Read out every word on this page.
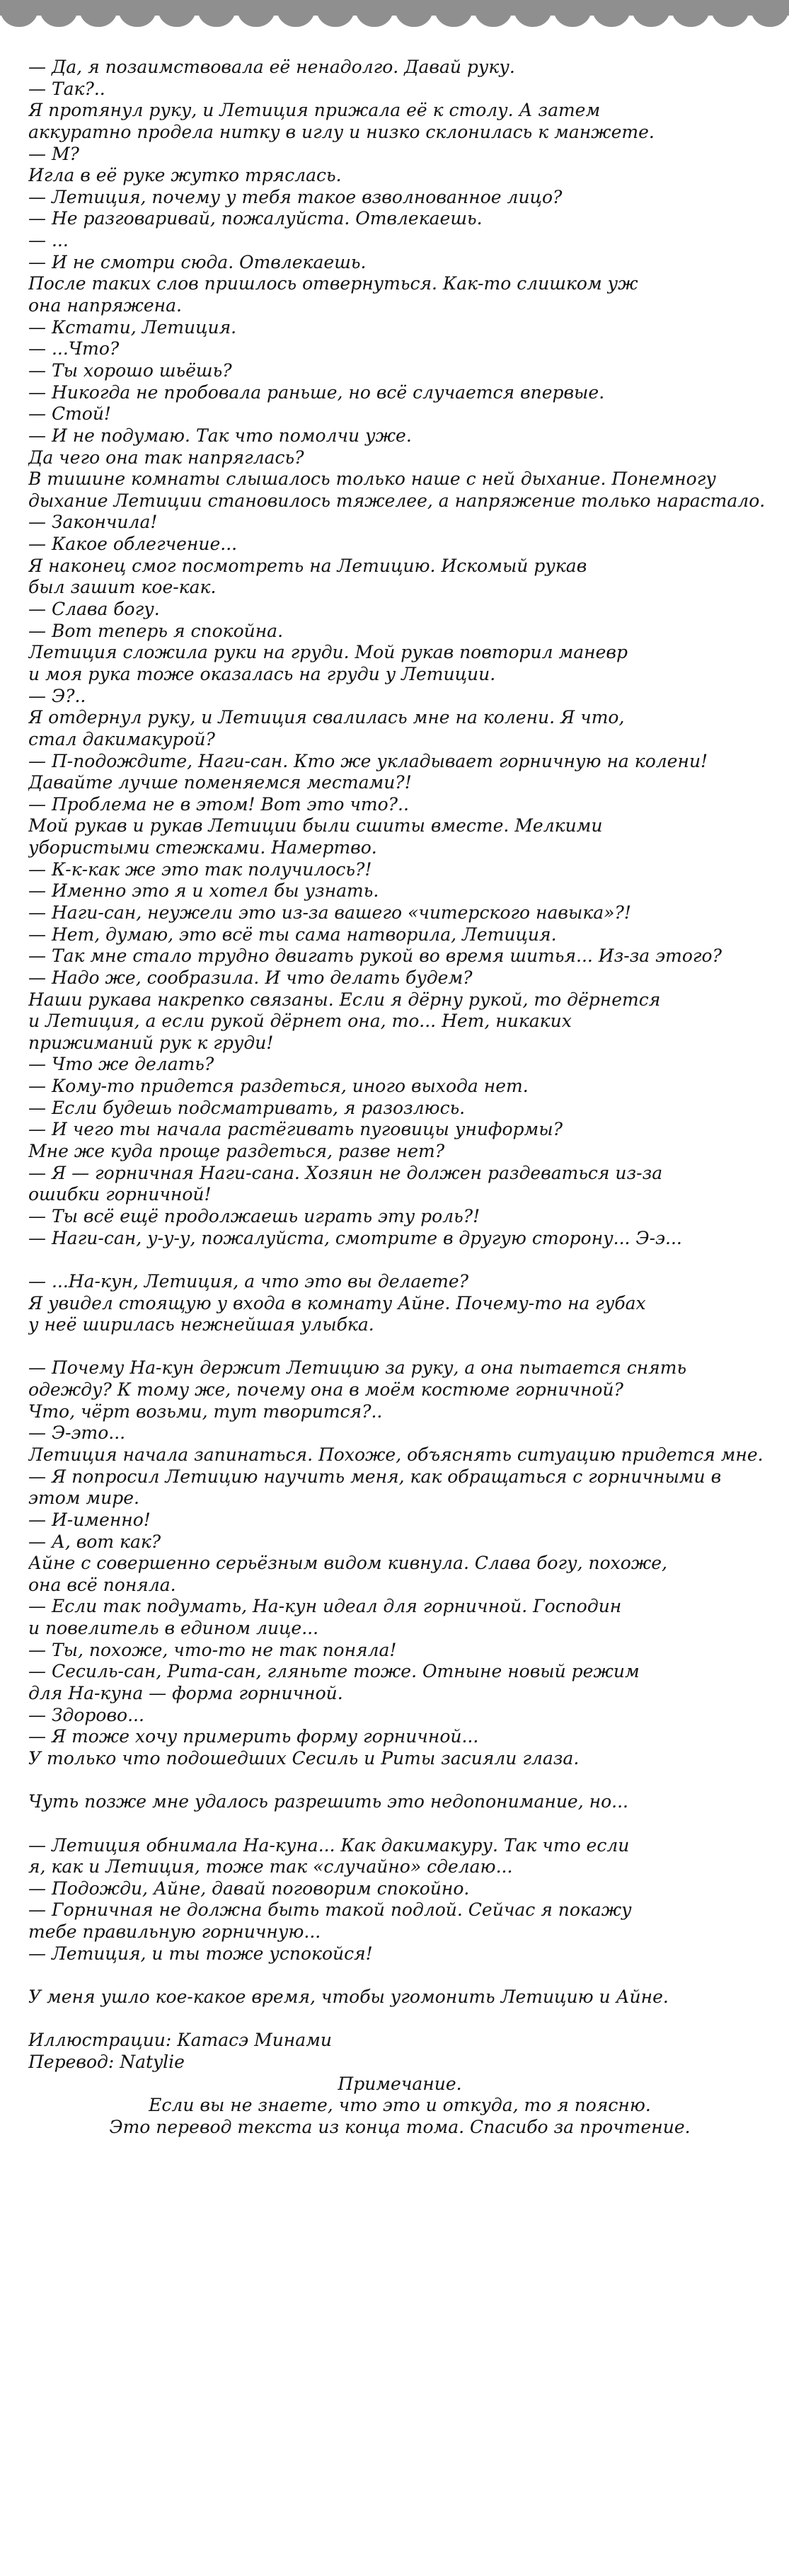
— Да, я позаимствовала её ненадолго. Давай руку.
— Так?..
Я протянул руку, и Летиция прижала её к столу. А затем
аккуратно продела нитку в иглу и низко склонилась к манжете.
— М?
Игла в её руке жутко тряслась.
— Летиция, почему у тебя такое взволнованное лицо?
— Не разговаривай, пожалуйста. Отвлекаешь.
— ...
— И не смотри сюда. Отвлекаешь.
После таких слов пришлось отвернуться. Как-то слишком уж
она напряжена.
— Кстати, Летиция.
— ...Что?
— Ты хорошо шьёшь?
— Никогда не пробовала раньше, но всё случается впервые.
— Стой!
— И не подумаю. Так что помолчи уже.
Да чего она так напряглась?
В тишине комнаты слышалось только наше с ней дыхание. Понемногу
дыхание Летиции становилось тяжелее, а напряжение только нарастало.
— Закончила!
— Какое облегчение...
Я наконец смог посмотреть на Летицию. Искомый рукав
был зашит кое-как.
— Слава богу.
— Вот теперь я спокойна.
Летиция сложила руки на груди. Мой рукав повторил маневр
и моя рука тоже оказалась на груди у Летиции.
— Э?..
Я отдернул руку, и Летиция свалилась мне на колени. Я что,
стал дакимакурой?
— П-подождите, Наги-сан. Кто же укладывает горничную на колени!
Давайте лучше поменяемся местами?!
— Проблема не в этом! Вот это что?..
Мой рукав и рукав Летиции были сшиты вместе. Мелкими
убористыми стежками. Намертво.
— К-к-как же это так получилось?!
— Именно это я и хотел бы узнать.
— Наги-сан, неужели это из-за вашего «читерского навыка»?!
— Нет, думаю, это всё ты сама натворила, Летиция.
— Так мне стало трудно двигать рукой во время шитья... Из-за этого?
— Надо же, сообразила. И что делать будем?
Наши рукава накрепко связаны. Если я дёрну рукой, то дёрнется
и Летиция, а если рукой дёрнет она, то... Нет, никаких
прижиманий рук к груди!
— Что же делать?
— Кому-то придется раздеться, иного выхода нет.
— Если будешь подсматривать, я разозлюсь.
— И чего ты начала растёгивать пуговицы униформы?
Мне же куда проще раздеться, разве нет?
— Я — горничная Наги-сана. Хозяин не должен раздеваться из-за
ошибки горничной!
— Ты всё ещё продолжаешь играть эту роль?!
— Наги-сан, у-у-у, пожалуйста, смотрите в другую сторону... Э-э...
— ...На-кун, Летиция, а что это вы делаете?
Я увидел стоящую у входа в комнату Айне. Почему-то на губах
у неё ширилась нежнейшая улыбка.
— Почему На-кун держит Летицию за руку, а она пытается снять
одежду? К тому же, почему она в моём костюме горничной?
Что, чёрт возьми, тут творится?..
— Э-это...
Летиция начала запинаться. Похоже, объяснять ситуацию придется мне.
— Я попросил Летицию научить меня, как обращаться с горничными в
этом мире.
— И-именно!
— А, вот как?
Айне с совершенно серьёзным видом кивнула. Слава богу, похоже,
она всё поняла.
— Если так подумать, На-кун идеал для горничной. Господин
и повелитель в едином лице...
— Ты, похоже, что-то не так поняла!
— Сесиль-сан, Рита-сан, гляньте тоже. Отныне новый режим
для На-куна — форма горничной.
— Здорово...
— Я тоже хочу примерить форму горничной...
У только что подошедших Сесиль и Риты засияли глаза.
Чуть позже мне удалось разрешить это недопонимание, но...
— Летиция обнимала На-куна... Как дакимакуру. Так что если
я, как и Летиция, тоже так «случайно» сделаю...
— Подожди, Айне, давай поговорим спокойно.
— Горничная не должна быть такой подлой. Сейчас я покажу
тебе правильную горничную...
— Летиция, и ты тоже успокойся!
У меня ушло кое-какое время, чтобы угомонить Летицию и Айне.
Иллюстрации: Катасэ Минами
Перевод: Natylie
Примечание.
Если вы не знаете, что это и откуда, то я поясню.
Это перевод текста из конца тома. Спасибо за прочтение.
